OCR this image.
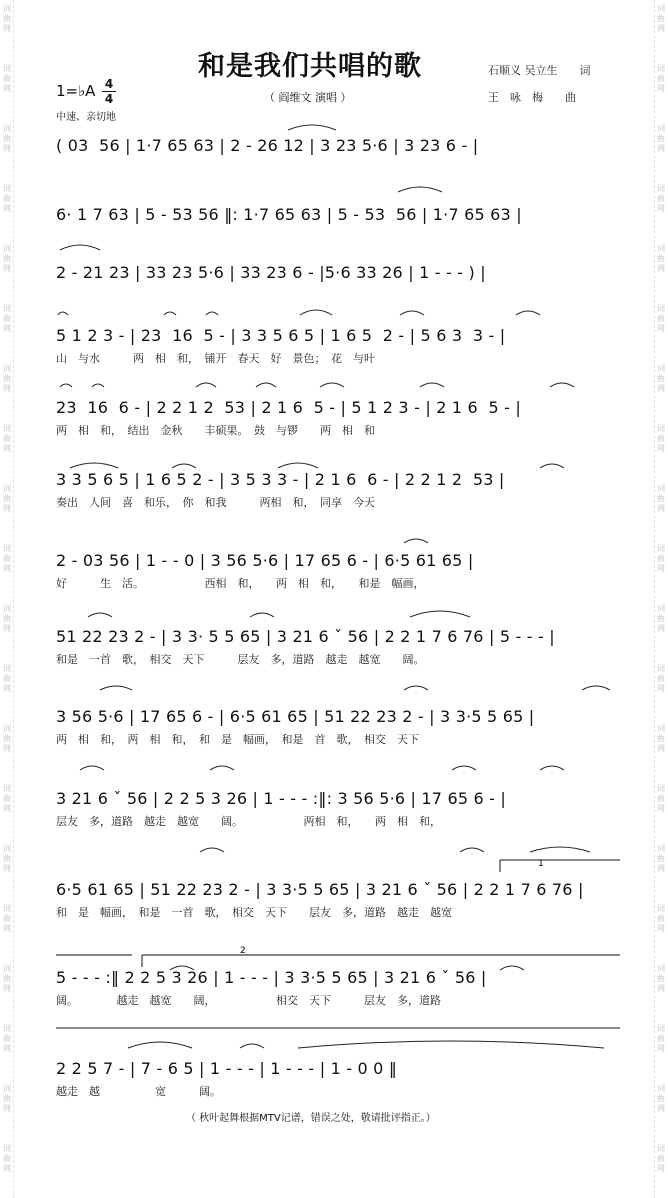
词
曲
网
词
曲
网
词
曲
网
词
曲
网
词
曲
网
词
曲
网
词
曲
网
词
曲
网
词
曲
网
词
曲
网
词
曲
网
词
曲
网
词
曲
网
词
曲
网
词
曲
网
词
曲
网
词
曲
网
词
曲
网
词
曲
网
词
曲
网
词
曲
网
词
曲
网
词
曲
网
词
曲
网
词
曲
网
词
曲
网
词
曲
网
词
曲
网
词
曲
网
词
曲
网
词
曲
网
词
曲
网
词
曲
网
词
曲
网
词
曲
网
词
曲
网
词
曲
网
词
曲
网
词
曲
网
词
曲
网
和是我们共唱的歌	石顺义 吴立生　　词
（ 阎维文 演唱 ）	王　咏　梅　　曲
1=♭A 4
4
中速、亲切地
( 03  56 | 1·7 65 63 | 2 - 26 12 | 3 23 5·6 | 3 23 6 - |
6· 1 7 63 | 5 - 53 56 ‖: 1·7 65 63 | 5 - 53  56 | 1·7 65 63 |
2 - 21 23 | 33 23 5·6 | 33 23 6 - |5·6 33 26 | 1 - - - ) |
5 1 2 3 - | 23  16  5 - | 3 3 5 6 5 | 1 6 5  2 - | 5 6 3  3 - |
山　与水　　　两　相　和，　铺开　春天　好　景色；　花　与叶
23  16  6 - | 2 2 1 2  53 | 2 1 6  5 - | 5 1 2 3 - | 2 1 6  5 - |
两　相　和，　结出　金秋　　丰硕果。　鼓　与锣　　两　相　和
3 3 5 6 5 | 1 6 5 2 - | 3 5 3 3 - | 2 1 6  6 - | 2 2 1 2  53 |
奏出　人间　喜　和乐，　你　和我　　　两相　和，　同享　今天
2 - 03 56 | 1 - - 0 | 3 56 5·6 | 17 65 6 - | 6·5 61 65 |
好　　　生　活。　　　　　　西相　和，　　两　相　和，　　和是　幅画，
51 22 23 2 - | 3 3· 5 5 65 | 3 21 6 ˇ 56 | 2 2 1 7 6 76 | 5 - - - |
和是　一首　歌，　相交　天下　　　层友　多，道路　越走　越宽　　阔。
3 56 5·6 | 17 65 6 - | 6·5 61 65 | 51 22 23 2 - | 3 3·5 5 65 |
两　相　和，　两　相　和，　和　是　幅画，　和是　首　歌，　相交　天下
3 21 6 ˇ 56 | 2 2 5 3 26 | 1 - - - :‖: 3 56 5·6 | 17 65 6 - |
层友　多，道路　越走　越宽　　阔。　　　　　　两相　和，　　两　相　和，
6·5 61 65 | 51 22 23 2 - | 3 3·5 5 65 | 3 21 6 ˇ 56 | 2 2 1 7 6 76 |
和　是　幅画，　和是　一首　歌，　相交　天下　　层友　多，道路　越走　越宽
5 - - - :‖ 2 2 5 3 26 | 1 - - - | 3 3·5 5 65 | 3 21 6 ˇ 56 |
阔。　　　　越走　越宽　　阔，　　　　　　相交　天下　　　层友　多，道路
2 2 5 7 - | 7 - 6 5 | 1 - - - | 1 - - - | 1 - 0 0 ‖
越走　越　　　　　宽　　　阔。
1
2
（ 秋叶起舞根据MTV记谱，错误之处，敬请批评指正。）
